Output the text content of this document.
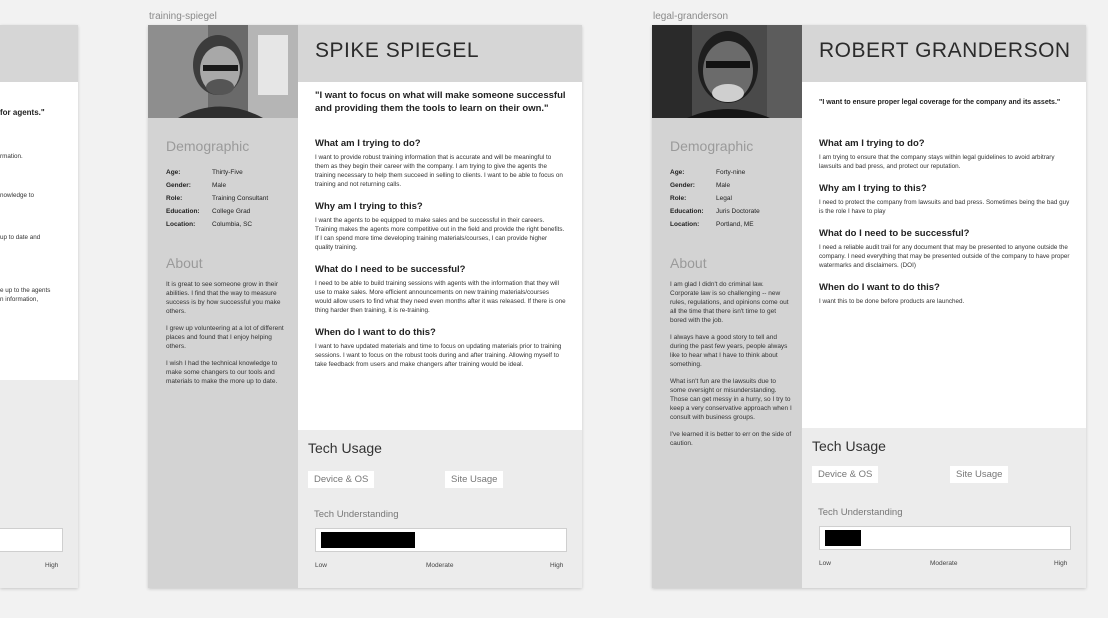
for agents."
rmation.
nowledge to
up to date and
e up to the agents
n information,
High
training-spiegel
SPIKE SPIEGEL
"I want to focus on what will make someone successful and providing them the tools to learn on their own."

Demographic

Age:	Thirty-Five
Gender:	Male
Role:	Training Consultant
Education:	College Grad
Location:	Columbia, SC

About

It is great to see someone grow in their abilities. I find that the way to measure success is by how successful you make others.

I grew up volunteering at a lot of different places and found that I enjoy helping others.

I wish I had the technical knowledge to make some changers to our tools and materials to make the more up to date.

What am I trying to do?

I want to provide robust training information that is accurate and will be meaningful to them as they begin their career with the company. I am trying to give the agents the training necessary to help them succeed in selling to clients. I want to be able to focus on training and not returning calls.

Why am I trying to this?

I want the agents to be equipped to make sales and be successful in their careers. Training makes the agents more competitive out in the field and provide the right benefits. If I can spend more time developing training materials/courses, I can provide higher quality training.

What do I need to be successful?

I need to be able to build training sessions with agents with the information that they will use to make sales. More efficient announcements on new training materials/courses would allow users to find what they need even months after it was released. If there is one thing harder then training, it is re-training.

When do I want to do this?

I want to have updated materials and time to focus on updating materials prior to training sessions. I want to focus on the robust tools during and after training. Allowing myself to take feedback from users and make changers after training would be ideal.

Tech Usage
Device & OS	Site Usage
Tech Understanding
Low	Moderate	High
legal-granderson
ROBERT GRANDERSON
"I want to ensure proper legal coverage for the company and its assets."

Demographic

Age:	Forty-nine
Gender:	Male
Role:	Legal
Education:	Juris Doctorate
Location:	Portland, ME

About

I am glad I didn't do criminal law. Corporate law is so challenging -- new rules, regulations, and opinions come out all the time that there isn't time to get bored with the job.

I always have a good story to tell and during the past few years, people always like to hear what I have to think about something.

What isn't fun are the lawsuits due to some oversight or misunderstanding. Those can get messy in a hurry, so I try to keep a very conservative approach when I consult with business groups.

I've learned it is better to err on the side of caution.

What am I trying to do?

I am trying to ensure that the company stays within legal guidelines to avoid arbitrary lawsuits and bad press, and protect our reputation.

Why am I trying to this?

I need to protect the company from lawsuits and bad press. Sometimes being the bad guy is the role I have to play

What do I need to be successful?

I need a reliable audit trail for any document that may be presented to anyone outside the company. I need everything that may be presented outside of the company to have proper watermarks and disclaimers. (DOI)

When do I want to do this?

I want this to be done before products are launched.

Tech Usage
Device & OS	Site Usage
Tech Understanding
Low	Moderate	High
